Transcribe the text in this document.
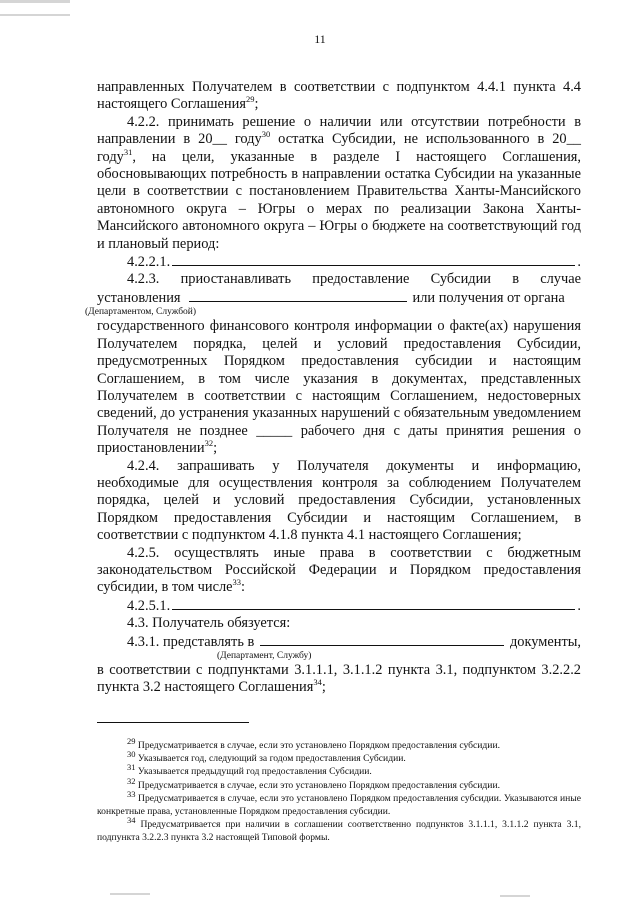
11

направленных Получателем в соответствии с подпунктом 4.4.1 пункта 4.4 настоящего Соглашения$^{29}$;

4.2.2. принимать решение о наличии или отсутствии потребности в направлении в 20__ году$^{30}$ остатка Субсидии, не использованного в 20__ году$^{31}$, на цели, указанные в разделе I настоящего Соглашения, обосновывающих потребность в направлении остатка Субсидии на указанные цели в соответствии с постановлением Правительства Ханты-Мансийского автономного округа – Югры о мерах по реализации Закона Ханты-Мансийского автономного округа – Югры о бюджете на соответствующий год и плановый период:

4.2.2.1.	.

4.2.3. приостанавливать предоставление Субсидии в случае

установления	или получения от органа

(Департаментом, Службой)

государственного финансового контроля информации о факте(ах) нарушения Получателем порядка, целей и условий предоставления Субсидии, предусмотренных Порядком предоставления субсидии и настоящим Соглашением, в том числе указания в документах, представленных Получателем в соответствии с настоящим Соглашением, недостоверных сведений, до устранения указанных нарушений с обязательным уведомлением Получателя не позднее _____ рабочего дня с даты принятия решения о приостановлении$^{32}$;

4.2.4. запрашивать у Получателя документы и информацию, необходимые для осуществления контроля за соблюдением Получателем порядка, целей и условий предоставления Субсидии, установленных Порядком предоставления Субсидии и настоящим Соглашением, в соответствии с подпунктом 4.1.8 пункта 4.1 настоящего Соглашения;

4.2.5. осуществлять иные права в соответствии с бюджетным законодательством Российской Федерации и Порядком предоставления субсидии, в том числе$^{33}$:

4.2.5.1.	.

4.3. Получатель обязуется:

4.3.1. представлять в	документы,

(Департамент, Службу)

в соответствии с подпунктами 3.1.1.1, 3.1.1.2 пункта 3.1, подпунктом 3.2.2.2 пункта 3.2 настоящего Соглашения$^{34}$;

$^{29}$ Предусматривается в случае, если это установлено Порядком предоставления субсидии.

$^{30}$ Указывается год, следующий за годом предоставления Субсидии.

$^{31}$ Указывается предыдущий год предоставления Субсидии.

$^{32}$ Предусматривается в случае, если это установлено Порядком предоставления субсидии.

$^{33}$ Предусматривается в случае, если это установлено Порядком предоставления субсидии. Указываются иные конкретные права, установленные Порядком предоставления субсидии.

$^{34}$ Предусматривается при наличии в соглашении соответственно подпунктов 3.1.1.1, 3.1.1.2 пункта 3.1, подпункта 3.2.2.3 пункта 3.2 настоящей Типовой формы.
